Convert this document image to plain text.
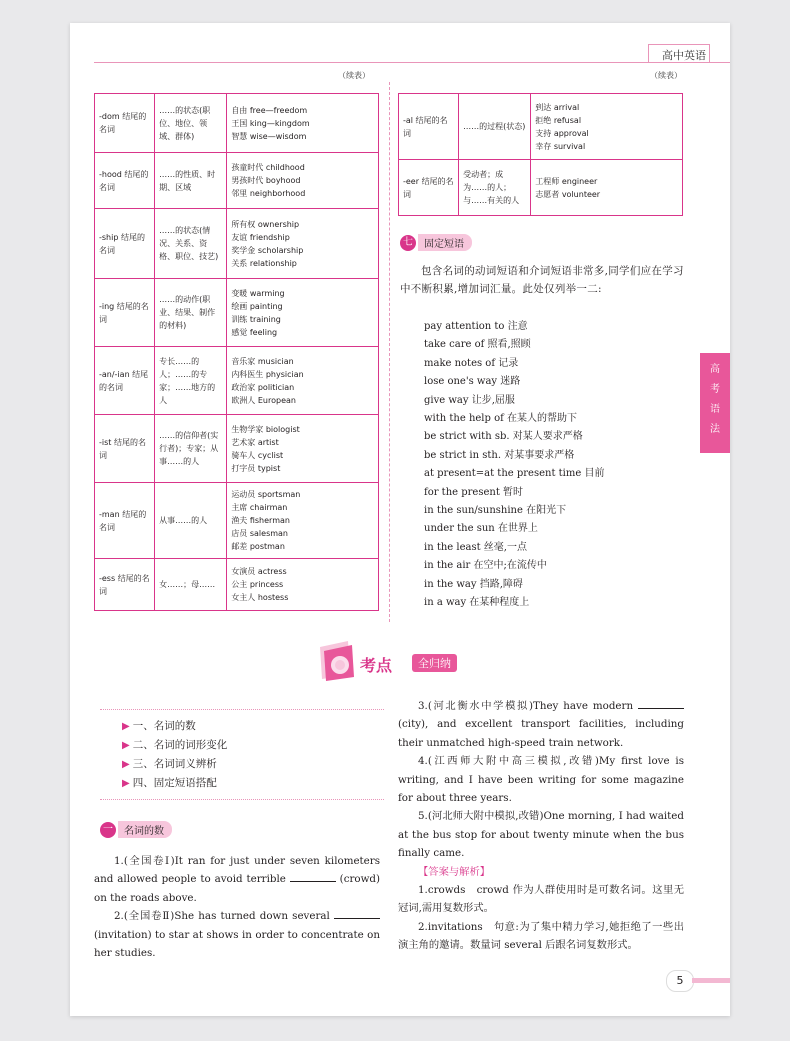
高中英语
（续表）	（续表）
-dom 结尾的名词	……的状态(职位、地位、领域、群体)	自由 free—freedom
王国 king—kingdom
智慧 wise—wisdom

-hood 结尾的名词	……的性质、时期、区域	孩童时代 childhood
男孩时代 boyhood
邻里 neighborhood

-ship 结尾的名词	……的状态(情况、关系、资格、职位、技艺)	所有权 ownership
友谊 friendship
奖学金 scholarship
关系 relationship

-ing 结尾的名词	……的动作(职业、结果、制作的材料)	变暖 warming
绘画 painting
训练 training
感觉 feeling

-an/-ian 结尾的名词	专长……的人；……的专家；……地方的人	音乐家 musician
内科医生 physician
政治家 politician
欧洲人 European

-ist 结尾的名词	……的信仰者(实行者)；专家；从事……的人	生物学家 biologist
艺术家 artist
骑车人 cyclist
打字员 typist

-man 结尾的名词	从事……的人	运动员 sportsman
主席 chairman
渔夫 fisherman
店员 salesman
邮差 postman

-ess 结尾的名词	女……；母……	女演员 actress
公主 princess
女主人 hostess
-al 结尾的名词	……的过程(状态)	到达 arrival
拒绝 refusal
支持 approval
幸存 survival

-eer 结尾的名词	受动者；成为……的人；与……有关的人	工程师 engineer
志愿者 volunteer
七	固定短语
包含名词的动词短语和介词短语非常多,同学们应在学习中不断积累,增加词汇量。此处仅列举一二:
pay attention to 注意
take care of 照看,照顾
make notes of 记录
lose one's way 迷路
give way 让步,屈服
with the help of 在某人的帮助下
be strict with sb. 对某人要求严格
be strict in sth. 对某事要求严格
at present=at the present time 目前
for the present 暂时
in the sun/sunshine 在阳光下
under the sun 在世界上
in the least 丝毫,一点
in the air 在空中;在流传中
in the way 挡路,障碍
in a way 在某种程度上
高
考
语
法
考点	全归纳
▶ 一、名词的数
▶ 二、名词的词形变化
▶ 三、名词词义辨析
▶ 四、固定短语搭配
一	名词的数
1.(全国卷Ⅰ)It ran for just under seven kilometers and allowed people to avoid terrible	(crowd) on the roads above.
2.(全国卷Ⅱ)She has turned down several  (invitation) to star at shows in order to concentrate on her studies.
3.(河北衡水中学模拟)They have modern  (city), and excellent transport facilities, including their unmatched high-speed train network.
4.(江西师大附中高三模拟,改错)My first love is writing, and I have been writing for some magazine for about three years.
5.(河北师大附中模拟,改错)One morning, I had waited at the bus stop for about twenty minute when the bus finally came.
【答案与解析】
1.crowds　crowd 作为人群使用时是可数名词。这里无冠词,需用复数形式。
2.invitations　句意:为了集中精力学习,她拒绝了一些出演主角的邀请。数量词 several 后跟名词复数形式。
5
